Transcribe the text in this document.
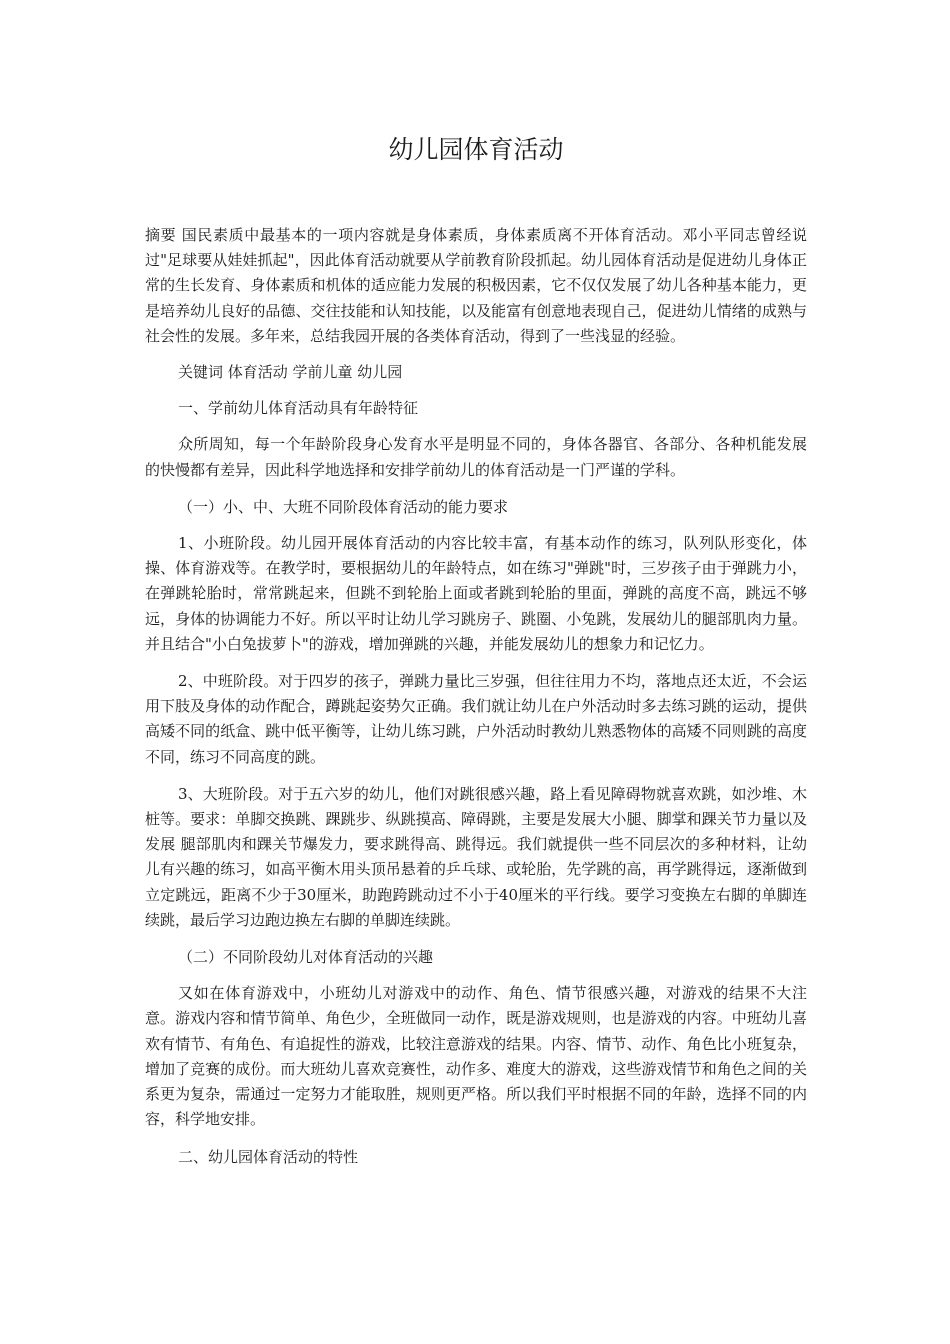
幼儿园体育活动

摘要 国民素质中最基本的一项内容就是身体素质，身体素质离不开体育活动。邓小平同志曾经说过"足球要从娃娃抓起"，因此体育活动就要从学前教育阶段抓起。幼儿园体育活动是促进幼儿身体正常的生长发育、身体素质和机体的适应能力发展的积极因素，它不仅仅发展了幼儿各种基本能力，更是培养幼儿良好的品德、交往技能和认知技能，以及能富有创意地表现自己，促进幼儿情绪的成熟与社会性的发展。多年来，总结我园开展的各类体育活动，得到了一些浅显的经验。

关键词 体育活动 学前儿童 幼儿园

一、学前幼儿体育活动具有年龄特征

众所周知，每一个年龄阶段身心发育水平是明显不同的，身体各器官、各部分、各种机能发展的快慢都有差异，因此科学地选择和安排学前幼儿的体育活动是一门严谨的学科。

（一）小、中、大班不同阶段体育活动的能力要求

1、小班阶段。幼儿园开展体育活动的内容比较丰富，有基本动作的练习，队列队形变化，体操、体育游戏等。在教学时，要根据幼儿的年龄特点，如在练习"弹跳"时，三岁孩子由于弹跳力小，在弹跳轮胎时，常常跳起来，但跳不到轮胎上面或者跳到轮胎的里面，弹跳的高度不高，跳远不够远，身体的协调能力不好。所以平时让幼儿学习跳房子、跳圈、小兔跳，发展幼儿的腿部肌肉力量。并且结合"小白兔拔萝卜"的游戏，增加弹跳的兴趣，并能发展幼儿的想象力和记忆力。

2、中班阶段。对于四岁的孩子，弹跳力量比三岁强，但往往用力不均，落地点还太近，不会运用下肢及身体的动作配合，蹲跳起姿势欠正确。我们就让幼儿在户外活动时多去练习跳的运动，提供高矮不同的纸盒、跳中低平衡等，让幼儿练习跳，户外活动时教幼儿熟悉物体的高矮不同则跳的高度不同，练习不同高度的跳。

3、大班阶段。对于五六岁的幼儿，他们对跳很感兴趣，路上看见障碍物就喜欢跳，如沙堆、木桩等。要求：单脚交换跳、踝跳步、纵跳摸高、障碍跳，主要是发展大小腿、脚掌和踝关节力量以及发展 腿部肌肉和踝关节爆发力，要求跳得高、跳得远。我们就提供一些不同层次的多种材料，让幼儿有兴趣的练习，如高平衡木用头顶吊悬着的乒乓球、或轮胎，先学跳的高，再学跳得远，逐渐做到立定跳远，距离不少于30厘米，助跑跨跳动过不小于40厘米的平行线。要学习变换左右脚的单脚连续跳，最后学习边跑边换左右脚的单脚连续跳。

（二）不同阶段幼儿对体育活动的兴趣

又如在体育游戏中，小班幼儿对游戏中的动作、角色、情节很感兴趣，对游戏的结果不大注意。游戏内容和情节简单、角色少，全班做同一动作，既是游戏规则，也是游戏的内容。中班幼儿喜欢有情节、有角色、有追捉性的游戏，比较注意游戏的结果。内容、情节、动作、角色比小班复杂，增加了竞赛的成份。而大班幼儿喜欢竞赛性，动作多、难度大的游戏，这些游戏情节和角色之间的关系更为复杂，需通过一定努力才能取胜，规则更严格。所以我们平时根据不同的年龄，选择不同的内容，科学地安排。

二、幼儿园体育活动的特性
